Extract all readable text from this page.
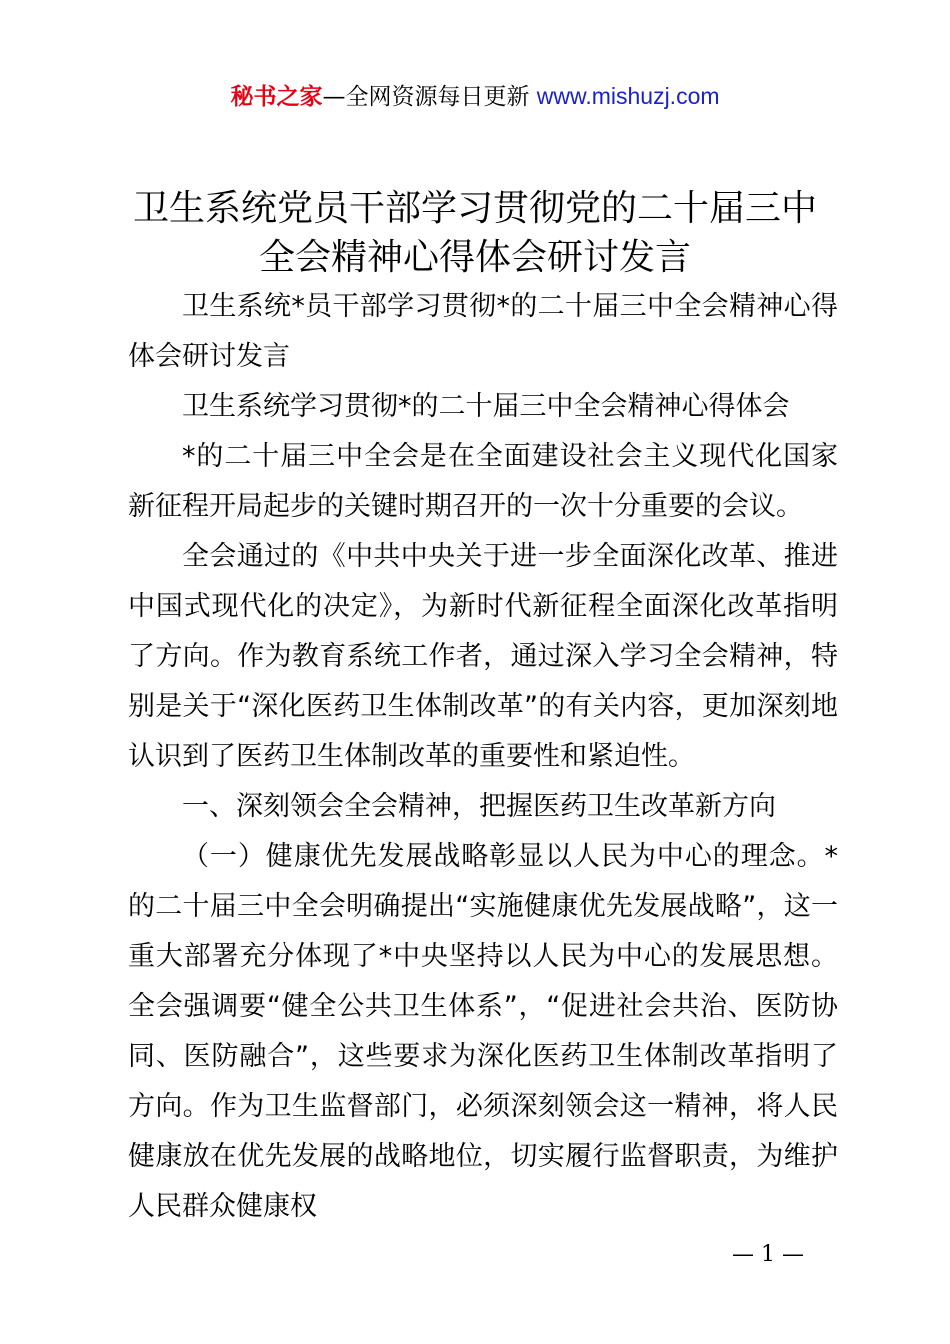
秘书之家—全网资源每日更新 www.mishuzj.com
卫生系统党员干部学习贯彻党的二十届三中
全会精神心得体会研讨发言

卫生系统*员干部学习贯彻*的二十届三中全会精神心得体会研讨发言

卫生系统学习贯彻*的二十届三中全会精神心得体会

*的二十届三中全会是在全面建设社会主义现代化国家新征程开局起步的关键时期召开的一次十分重要的会议。

全会通过的《中共中央关于进一步全面深化改革、推进中国式现代化的决定》，为新时代新征程全面深化改革指明了方向。作为教育系统工作者，通过深入学习全会精神，特别是关于“深化医药卫生体制改革”的有关内容，更加深刻地认识到了医药卫生体制改革的重要性和紧迫性。

一、深刻领会全会精神，把握医药卫生改革新方向

（一）健康优先发展战略彰显以人民为中心的理念。*的二十届三中全会明确提出“实施健康优先发展战略”，这一重大部署充分体现了*中央坚持以人民为中心的发展思想。全会强调要“健全公共卫生体系”，“促进社会共治、医防协同、医防融合”，这些要求为深化医药卫生体制改革指明了方向。作为卫生监督部门，必须深刻领会这一精神，将人民健康放在优先发展的战略地位，切实履行监督职责，为维护人民群众健康权

— 1 —
